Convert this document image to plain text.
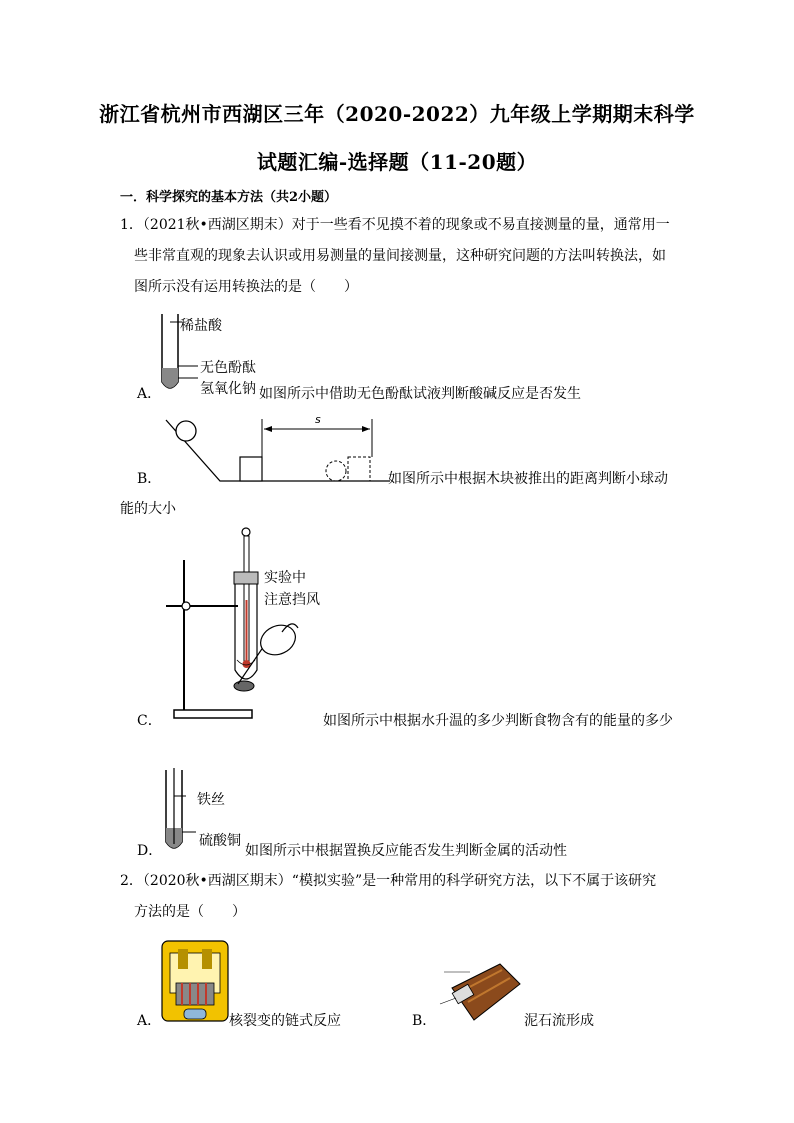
浙江省杭州市西湖区三年（2020-2022）九年级上学期期末科学
试题汇编-选择题（11-20题）
一．科学探究的基本方法（共2小题）
1．（2021秋•西湖区期末）对于一些看不见摸不着的现象或不易直接测量的量，通常用一
些非常直观的现象去认识或用易测量的量间接测量，这种研究问题的方法叫转换法，如
图所示没有运用转换法的是（　　）
A．
稀盐酸
无色酚酞
氢氧化钠 如图所示中借助无色酚酞试液判断酸碱反应是否发生
B．
s
如图所示中根据木块被推出的距离判断小球动
能的大小
C．
实验中
注意挡风
如图所示中根据水升温的多少判断食物含有的能量的多少
D．
铁丝
硫酸铜
如图所示中根据置换反应能否发生判断金属的活动性
2．（2020秋•西湖区期末）“模拟实验”是一种常用的科学研究方法，以下不属于该研究
方法的是（　　）
A．	核裂变的链式反应	B．	泥石流形成
